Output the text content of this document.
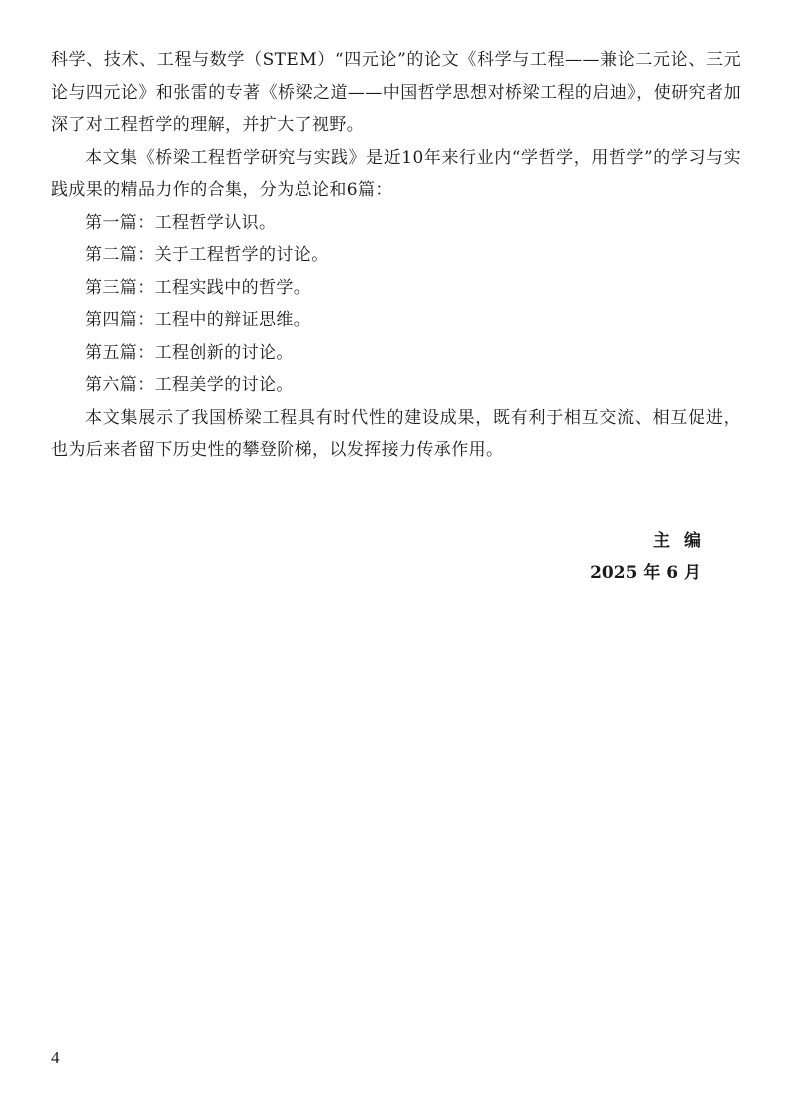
科学、技术、工程与数学（STEM）“四元论”的论文《科学与工程——兼论二元论、三元论与四元论》和张雷的专著《桥梁之道——中国哲学思想对桥梁工程的启迪》，使研究者加深了对工程哲学的理解，并扩大了视野。

本文集《桥梁工程哲学研究与实践》是近10年来行业内“学哲学，用哲学”的学习与实践成果的精品力作的合集，分为总论和6篇：

第一篇：工程哲学认识。

第二篇：关于工程哲学的讨论。

第三篇：工程实践中的哲学。

第四篇：工程中的辩证思维。

第五篇：工程创新的讨论。

第六篇：工程美学的讨论。

本文集展示了我国桥梁工程具有时代性的建设成果，既有利于相互交流、相互促进，也为后来者留下历史性的攀登阶梯，以发挥接力传承作用。

主编
2025 年 6 月
4
